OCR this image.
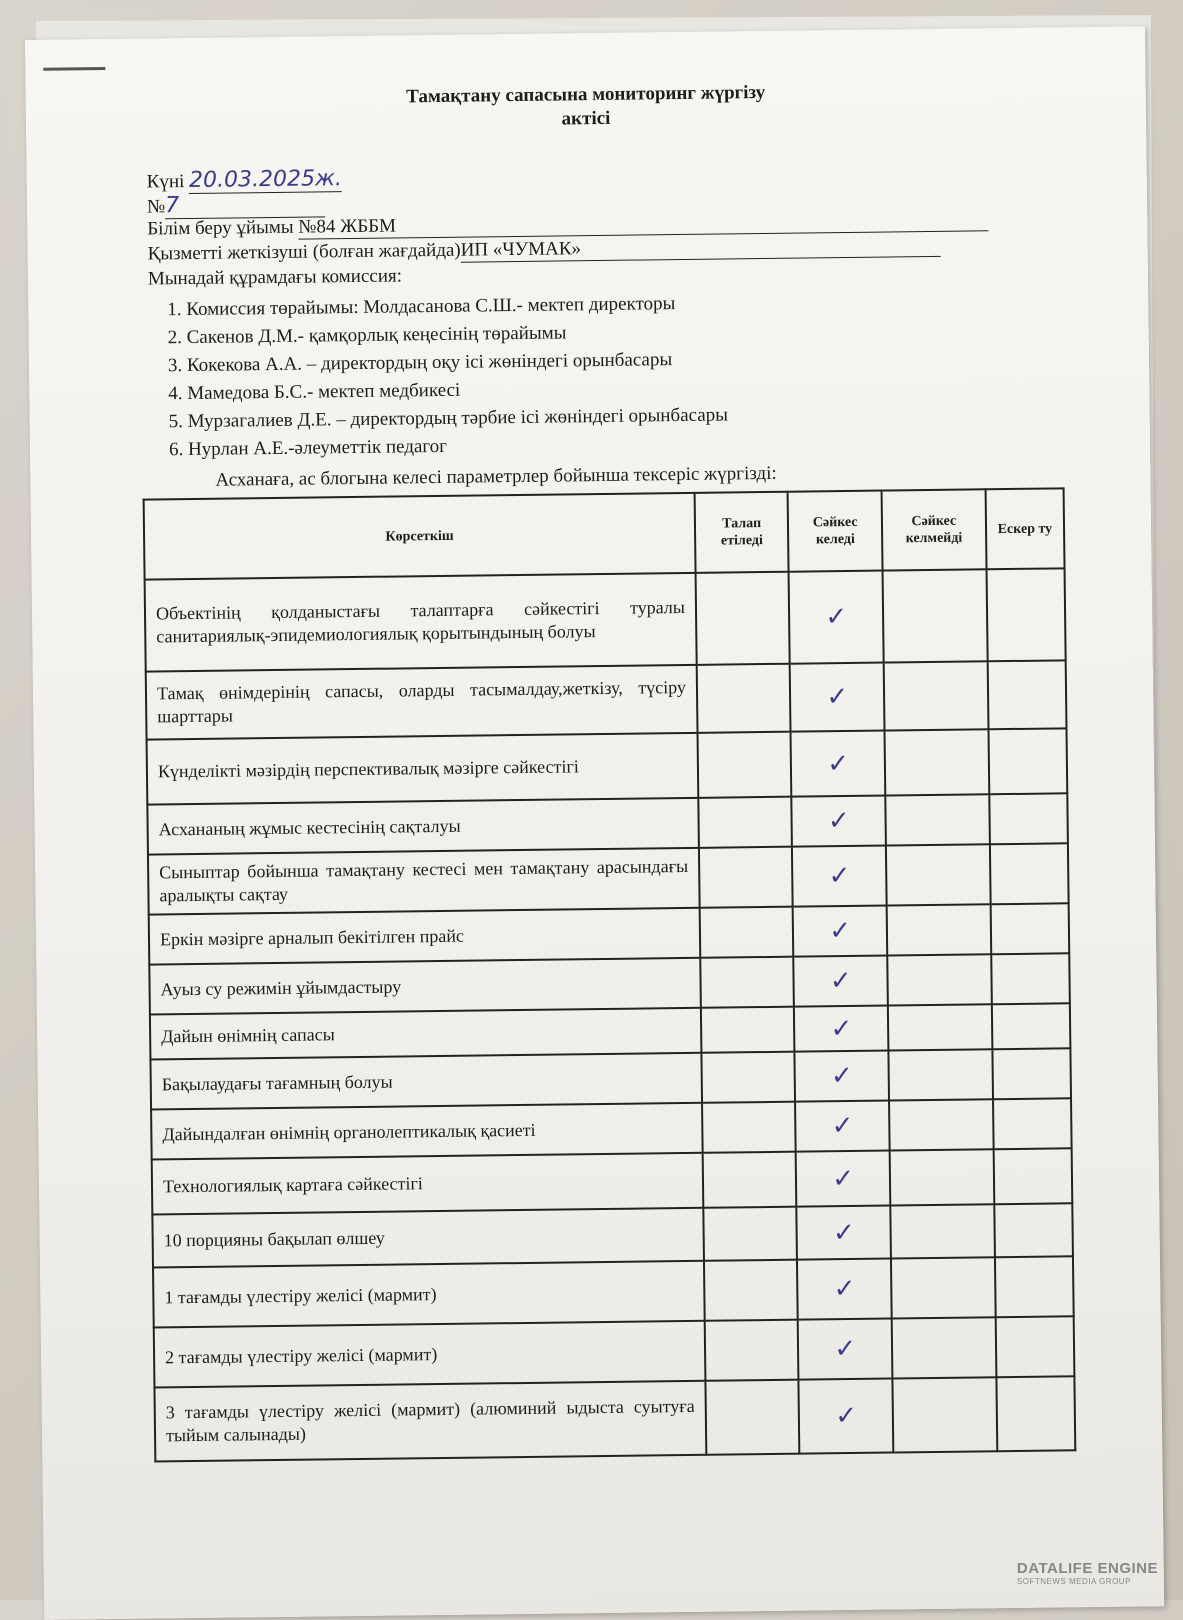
Тамақтану сапасына мониторинг жүргізу
актісі
Күні 20.03.2025ж.
№7
Білім беру ұйымы №84 ЖББМ
Қызметті жеткізуші (болған жағдайда)ИП «ЧУМАК»
Мынадай құрамдағы комиссия:
1. Комиссия төрайымы: Молдасанова С.Ш.- мектеп директоры
2. Сакенов Д.М.- қамқорлық кеңесінің төрайымы
3. Кокекова А.А. – директордың оқу ісі жөніндегі орынбасары
4. Мамедова Б.С.- мектеп медбикесі
5. Мурзагалиев Д.Е. – директордың тәрбие ісі жөніндегі орынбасары
6. Нурлан А.Е.-әлеуметтік педагог
Асханаға, ас блогына келесі параметрлер бойынша тексеріс жүргізді:
Көрсеткіш	Талап етіледі	Сәйкес келеді	Сәйкес келмейді	Ескер ту
Объектінің қолданыстағы талаптарға сәйкестігі туралы санитариялық-эпидемиологиялық қорытындының болуы		✓		
Тамақ өнімдерінің сапасы, оларды тасымалдау,жеткізу, түсіру шарттары		✓		
Күнделікті мәзірдің перспективалық мәзірге сәйкестігі		✓		
Асхананың жұмыс кестесінің сақталуы		✓		
Сыныптар бойынша тамақтану кестесі мен тамақтану арасындағы аралықты сақтау		✓		
Еркін мәзірге арналып бекітілген прайс		✓		
Ауыз су режимін ұйымдастыру		✓		
Дайын өнімнің сапасы		✓		
Бақылаудағы тағамның болуы		✓		
Дайындалған өнімнің органолептикалық қасиеті		✓		
Технологиялық картаға сәйкестігі		✓		
10 порцияны бақылап өлшеу		✓		
1 тағамды үлестіру желісі (мармит)		✓		
2 тағамды үлестіру желісі (мармит)		✓		
3 тағамды үлестіру желісі (мармит) (алюминий ыдыста суытуға тыйым салынады)		✓		
DATALIFE ENGINE
SOFTNEWS MEDIA GROUP
